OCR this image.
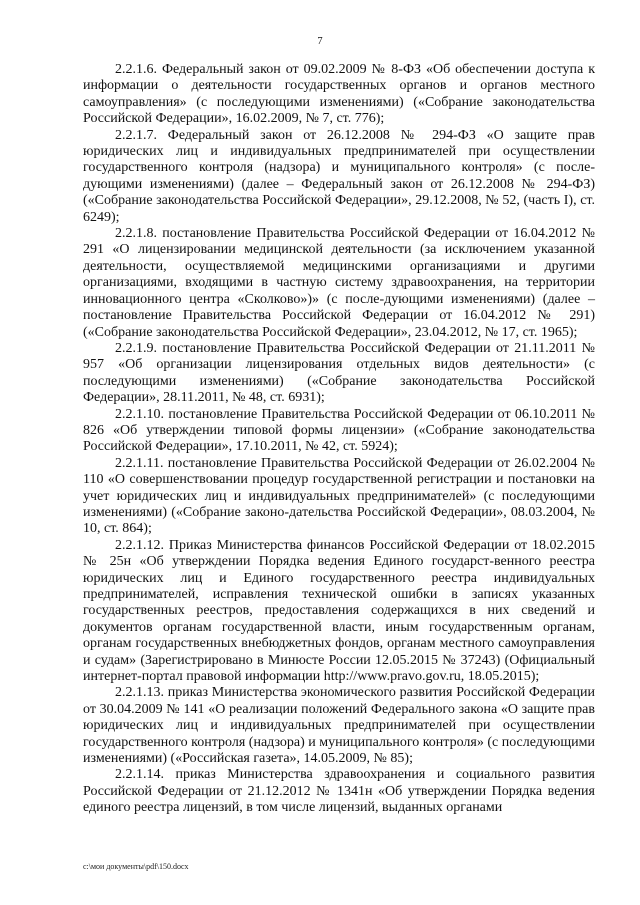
7

2.2.1.6. Федеральный закон от 09.02.2009 № 8-ФЗ «Об обеспечении доступа к информации о деятельности государственных органов и органов местного самоуправления» (с последующими изменениями) («Собрание законодательства Российской Федерации», 16.02.2009, № 7, ст. 776);

2.2.1.7. Федеральный закон от 26.12.2008 № 294-ФЗ «О защите прав юридических лиц и индивидуальных предпринимателей при осуществлении государственного контроля (надзора) и муниципального контроля» (с после-дующими изменениями) (далее – Федеральный закон от 26.12.2008 № 294-ФЗ) («Собрание законодательства Российской Федерации», 29.12.2008, № 52, (часть I), ст. 6249);

2.2.1.8. постановление Правительства Российской Федерации от 16.04.2012 № 291 «О лицензировании медицинской деятельности (за исключением указанной деятельности, осуществляемой медицинскими организациями и другими организациями, входящими в частную систему здравоохранения, на территории инновационного центра «Сколково»)» (с после-дующими изменениями) (далее – постановление Правительства Российской Федерации от 16.04.2012 № 291) («Собрание законодательства Российской Федерации», 23.04.2012, № 17, ст. 1965);

2.2.1.9. постановление Правительства Российской Федерации от 21.11.2011 № 957 «Об организации лицензирования отдельных видов деятельности» (с последующими изменениями) («Собрание законодательства Российской Федерации», 28.11.2011, № 48, ст. 6931);

2.2.1.10. постановление Правительства Российской Федерации от 06.10.2011 № 826 «Об утверждении типовой формы лицензии» («Собрание законодательства Российской Федерации», 17.10.2011, № 42, ст. 5924);

2.2.1.11. постановление Правительства Российской Федерации от 26.02.2004 № 110 «О совершенствовании процедур государственной регистрации и постановки на учет юридических лиц и индивидуальных предпринимателей» (с последующими изменениями) («Собрание законо-дательства Российской Федерации», 08.03.2004, № 10, ст. 864);

2.2.1.12. Приказ Министерства финансов Российской Федерации от 18.02.2015 № 25н «Об утверждении Порядка ведения Единого государст-венного реестра юридических лиц и Единого государственного реестра индивидуальных предпринимателей, исправления технической ошибки в записях указанных государственных реестров, предоставления содержащихся в них сведений и документов органам государственной власти, иным государственным органам, органам государственных внебюджетных фондов, органам местного самоуправления и судам» (Зарегистрировано в Минюсте России 12.05.2015 № 37243) (Официальный интернет-портал правовой информации http://www.pravo.gov.ru, 18.05.2015);

2.2.1.13. приказ Министерства экономического развития Российской Федерации от 30.04.2009 № 141 «О реализации положений Федерального закона «О защите прав юридических лиц и индивидуальных предпринимателей при осуществлении государственного контроля (надзора) и муниципального контроля» (с последующими изменениями) («Российская газета», 14.05.2009, № 85);

2.2.1.14. приказ Министерства здравоохранения и социального развития Российской Федерации от 21.12.2012 № 1341н «Об утверждении Порядка ведения единого реестра лицензий, в том числе лицензий, выданных органами

c:\мои документы\pdf\150.docx
